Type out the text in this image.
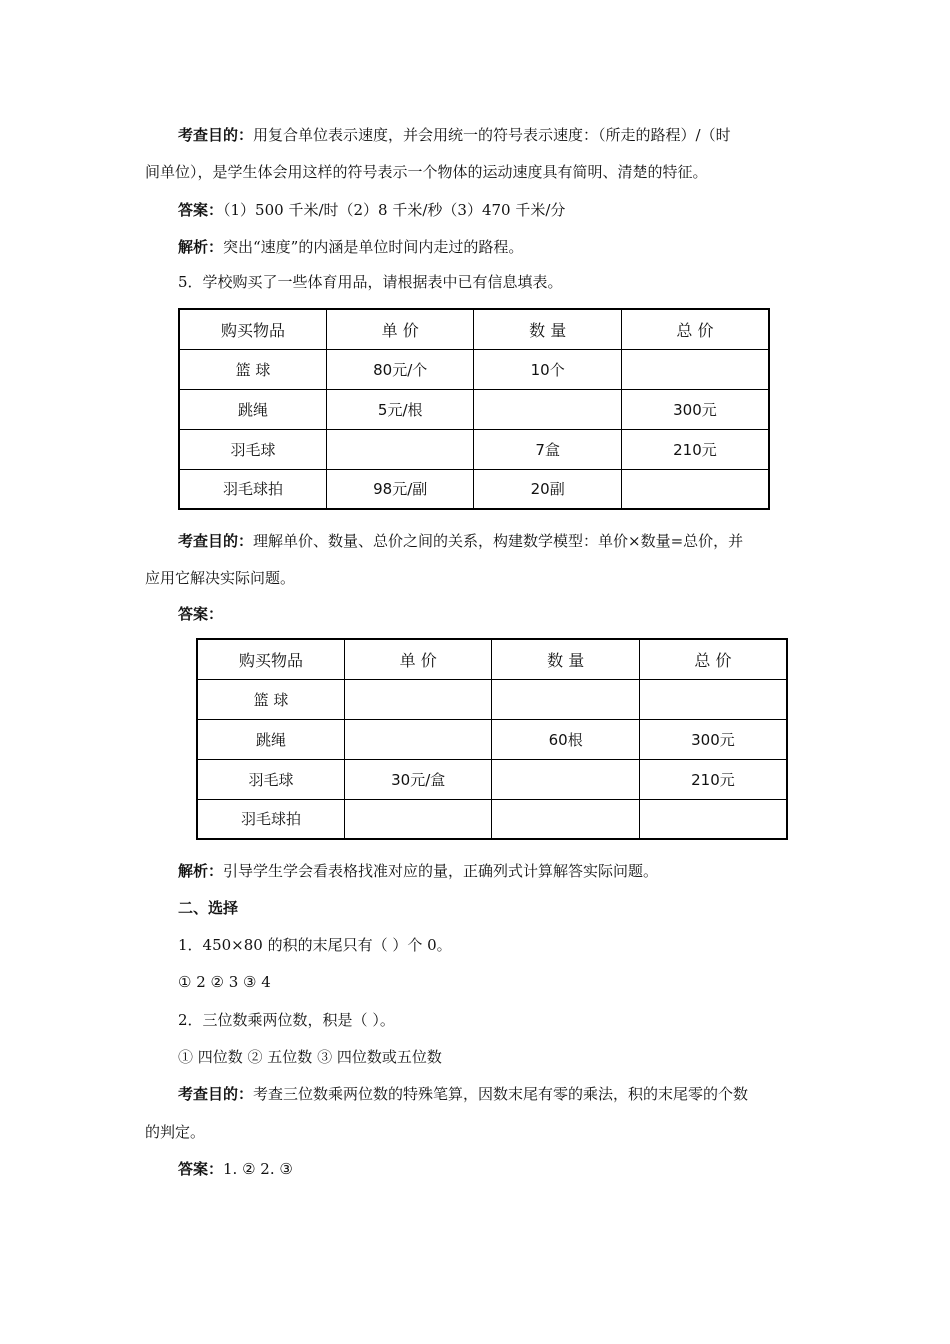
考查目的：用复合单位表示速度，并会用统一的符号表示速度：（所走的路程）/（时
间单位），是学生体会用这样的符号表示一个物体的运动速度具有简明、清楚的特征。
答案：（1）500 千米/时（2）8 千米/秒（3）470 千米/分
解析：突出“速度”的内涵是单位时间内走过的路程。
5．学校购买了一些体育用品，请根据表中已有信息填表。
购买物品	单 价	数 量	总 价
篮 球	80元/个	10个	
跳绳	5元/根		300元
羽毛球		7盒	210元
羽毛球拍	98元/副	20副	
考查目的：理解单价、数量、总价之间的关系，构建数学模型：单价×数量=总价，并
应用它解决实际问题。
答案：
购买物品	单 价	数 量	总 价
篮 球			
跳绳		60根	300元
羽毛球	30元/盒		210元
羽毛球拍			
解析：引导学生学会看表格找准对应的量，正确列式计算解答实际问题。
二、选择
1．450×80 的积的末尾只有（ ）个 0。
① 2 ② 3 ③ 4
2．三位数乘两位数，积是（ ）。
① 四位数 ② 五位数 ③ 四位数或五位数
考查目的：考查三位数乘两位数的特殊笔算，因数末尾有零的乘法，积的末尾零的个数
的判定。
答案：1. ② 2. ③
